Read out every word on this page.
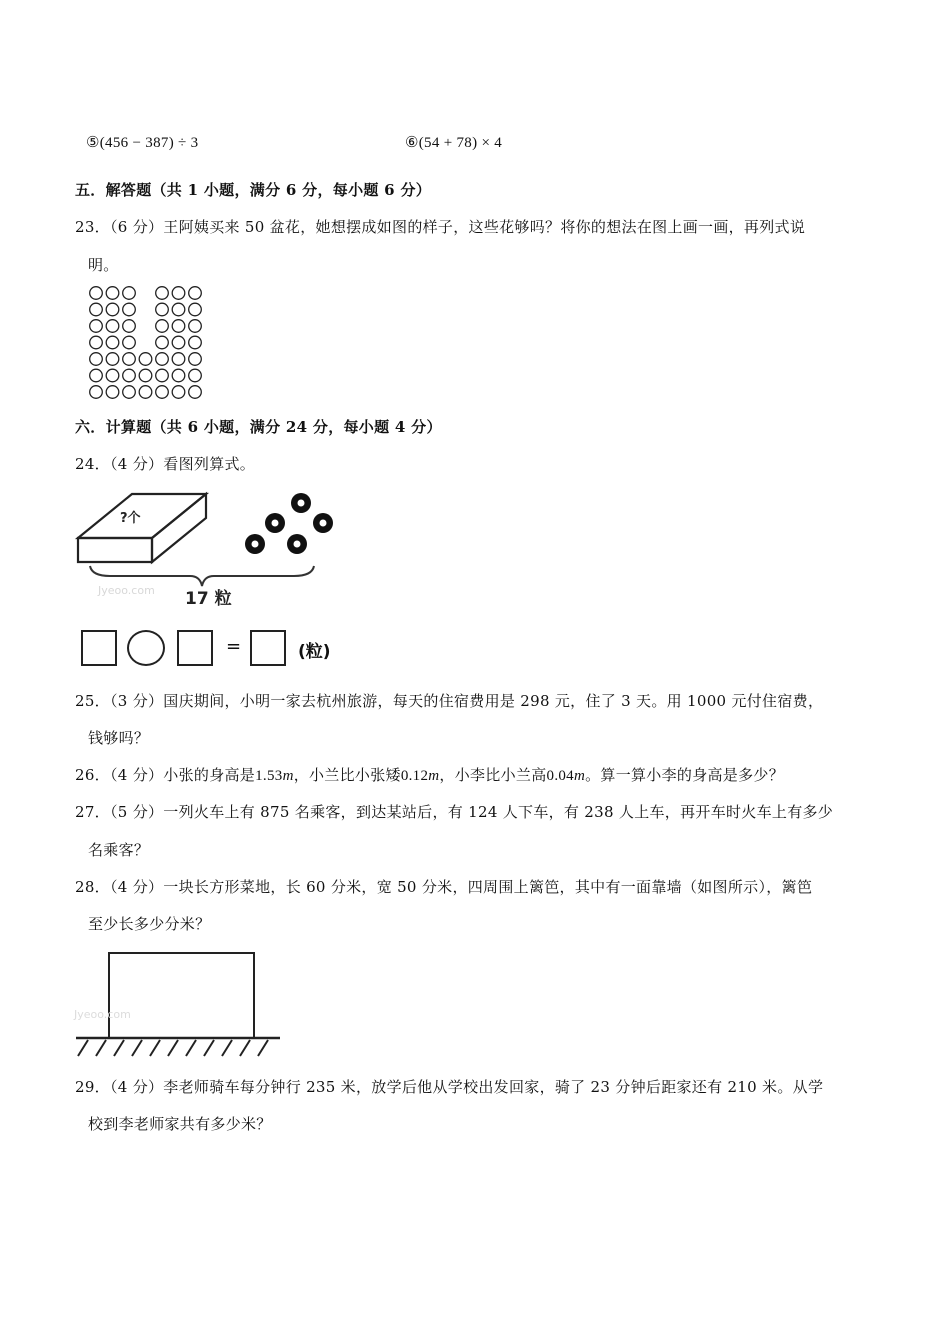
⑤(456 − 387) ÷ 3	⑥(54 + 78) × 4
五．解答题（共 1 小题，满分 6 分，每小题 6 分）
23．（6 分）王阿姨买来 50 盆花，她想摆成如图的样子，这些花够吗？将你的想法在图上画一画，再列式说
明。
六．计算题（共 6 小题，满分 24 分，每小题 4 分）
24．（4 分）看图列算式。
?个
Jyeoo.com 17 粒
=	(粒)
25．（3 分）国庆期间，小明一家去杭州旅游，每天的住宿费用是 298 元，住了 3 天。用 1000 元付住宿费，
钱够吗？
26．（4 分）小张的身高是1.53m，小兰比小张矮0.12m，小李比小兰高0.04m。算一算小李的身高是多少？
27．（5 分）一列火车上有 875 名乘客，到达某站后，有 124 人下车，有 238 人上车，再开车时火车上有多少
名乘客？
28．（4 分）一块长方形菜地，长 60 分米，宽 50 分米，四周围上篱笆，其中有一面靠墙（如图所示），篱笆
至少长多少分米？
Jyeoo.com
29．（4 分）李老师骑车每分钟行 235 米，放学后他从学校出发回家，骑了 23 分钟后距家还有 210 米。从学
校到李老师家共有多少米？
